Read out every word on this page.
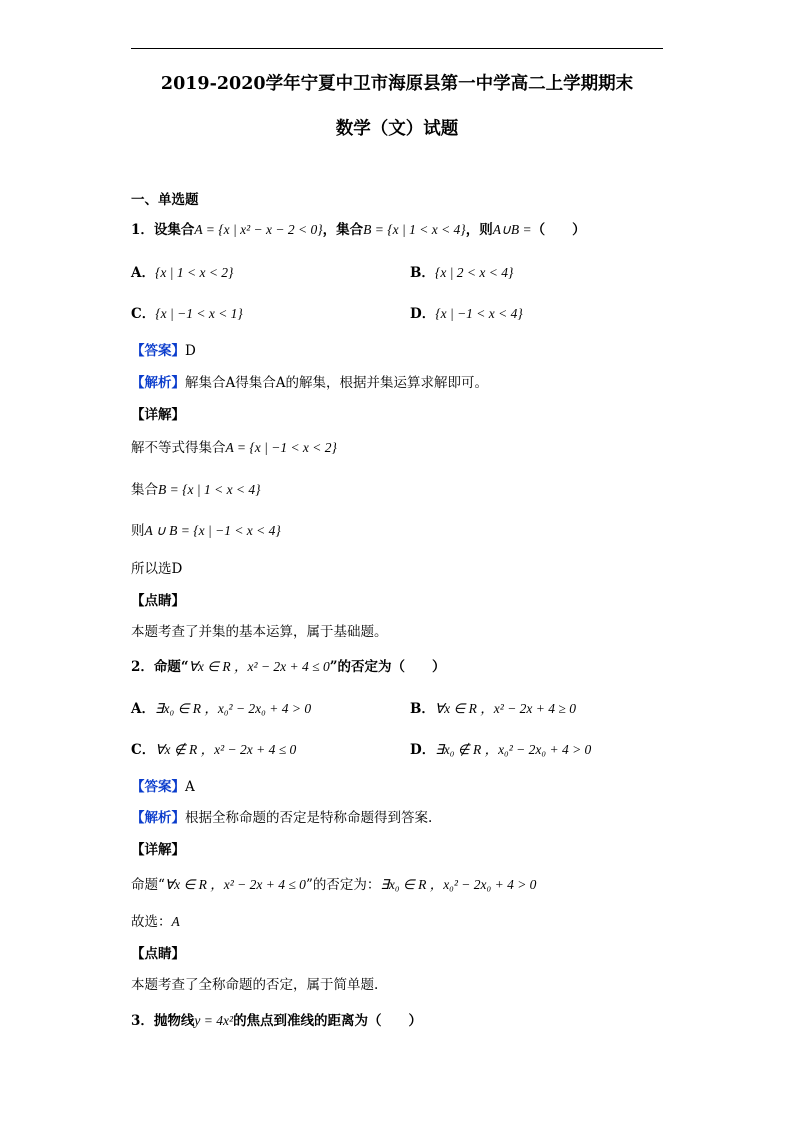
2019-2020学年宁夏中卫市海原县第一中学高二上学期期末
数学（文）试题
一、单选题
1．设集合A = {x | x² − x − 2 < 0}，集合B = {x | 1 < x < 4}，则A∪B =（　　）
A．{x | 1 < x < 2}	B．{x | 2 < x < 4}
C．{x | −1 < x < 1}	D．{x | −1 < x < 4}
【答案】D
【解析】解集合A得集合A的解集，根据并集运算求解即可。
【详解】
解不等式得集合A = {x | −1 < x < 2}
集合B = {x | 1 < x < 4}
则A ∪ B = {x | −1 < x < 4}
所以选D
【点睛】
本题考查了并集的基本运算，属于基础题。
2．命题“∀x ∈ R ，x² − 2x + 4 ≤ 0”的否定为（　　）
A．∃x₀ ∈ R ，x₀² − 2x₀ + 4 > 0	B．∀x ∈ R ，x² − 2x + 4 ≥ 0
C．∀x ∉ R ，x² − 2x + 4 ≤ 0	D．∃x₀ ∉ R ，x₀² − 2x₀ + 4 > 0
【答案】A
【解析】根据全称命题的否定是特称命题得到答案.
【详解】
命题“∀x ∈ R ，x² − 2x + 4 ≤ 0”的否定为：∃x₀ ∈ R ，x₀² − 2x₀ + 4 > 0
故选：A
【点睛】
本题考查了全称命题的否定，属于简单题.
3．抛物线y = 4x²的焦点到准线的距离为（　　）
